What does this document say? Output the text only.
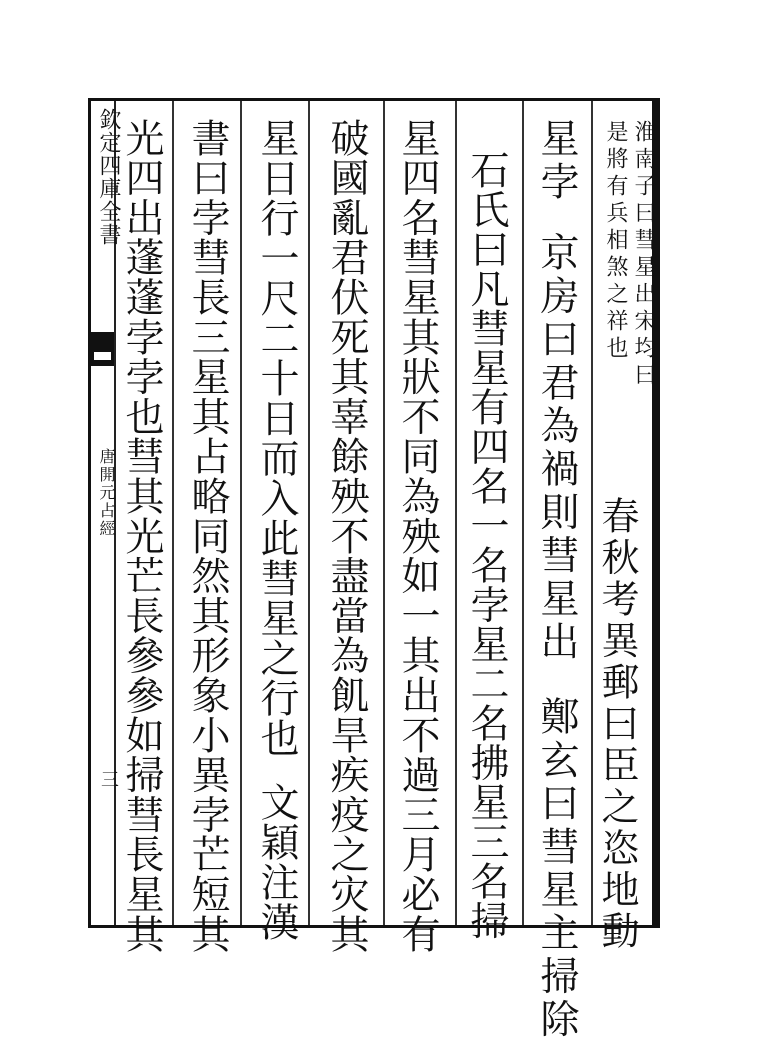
欽定四庫全書
唐開元占經
三
淮南子曰彗星出宋均曰
是將有兵相煞之祥也
春秋考異郵曰臣之恣地動
星孛京房曰君為禍則彗星出鄭玄曰彗星主掃除
石氏曰凡彗星有四名一名孛星二名拂星三名掃
星四名彗星其狀不同為殃如一其出不過三月必有
破國亂君伏死其辜餘殃不盡當為飢旱疾疫之灾其
星日行一尺二十日而入此彗星之行也文穎注漢
書曰孛彗長三星其占略同然其形象小異孛芒短其
光四出蓬蓬孛孛也彗其光芒長參參如掃彗長星其
